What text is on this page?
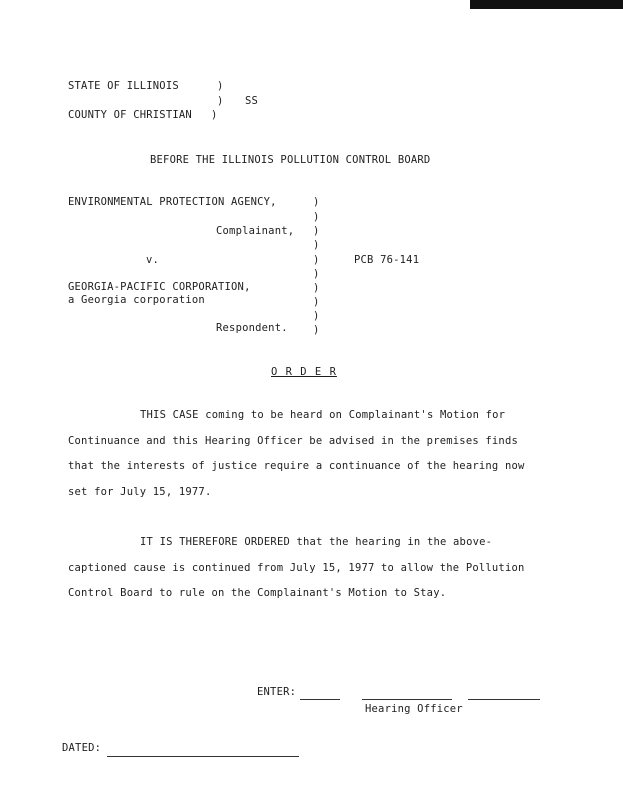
STATE OF ILLINOIS	)
) SS
COUNTY OF CHRISTIAN )
BEFORE THE ILLINOIS POLLUTION CONTROL BOARD
ENVIRONMENTAL PROTECTION AGENCY,	)
)
Complainant, )
)
v.	)	PCB 76-141
)
GEORGIA-PACIFIC CORPORATION,	)
a Georgia corporation	)
)
Respondent. )
O R D E R
THIS CASE coming to be heard on Complainant's Motion for Continuance and this Hearing Officer be advised in the premises finds that the interests of justice require a continuance of the hearing now set for July 15, 1977.
IT IS THEREFORE ORDERED that the hearing in the above-captioned cause is continued from July 15, 1977 to allow the Pollution Control Board to rule on the Complainant's Motion to Stay.
ENTER:
Hearing Officer
DATED:
